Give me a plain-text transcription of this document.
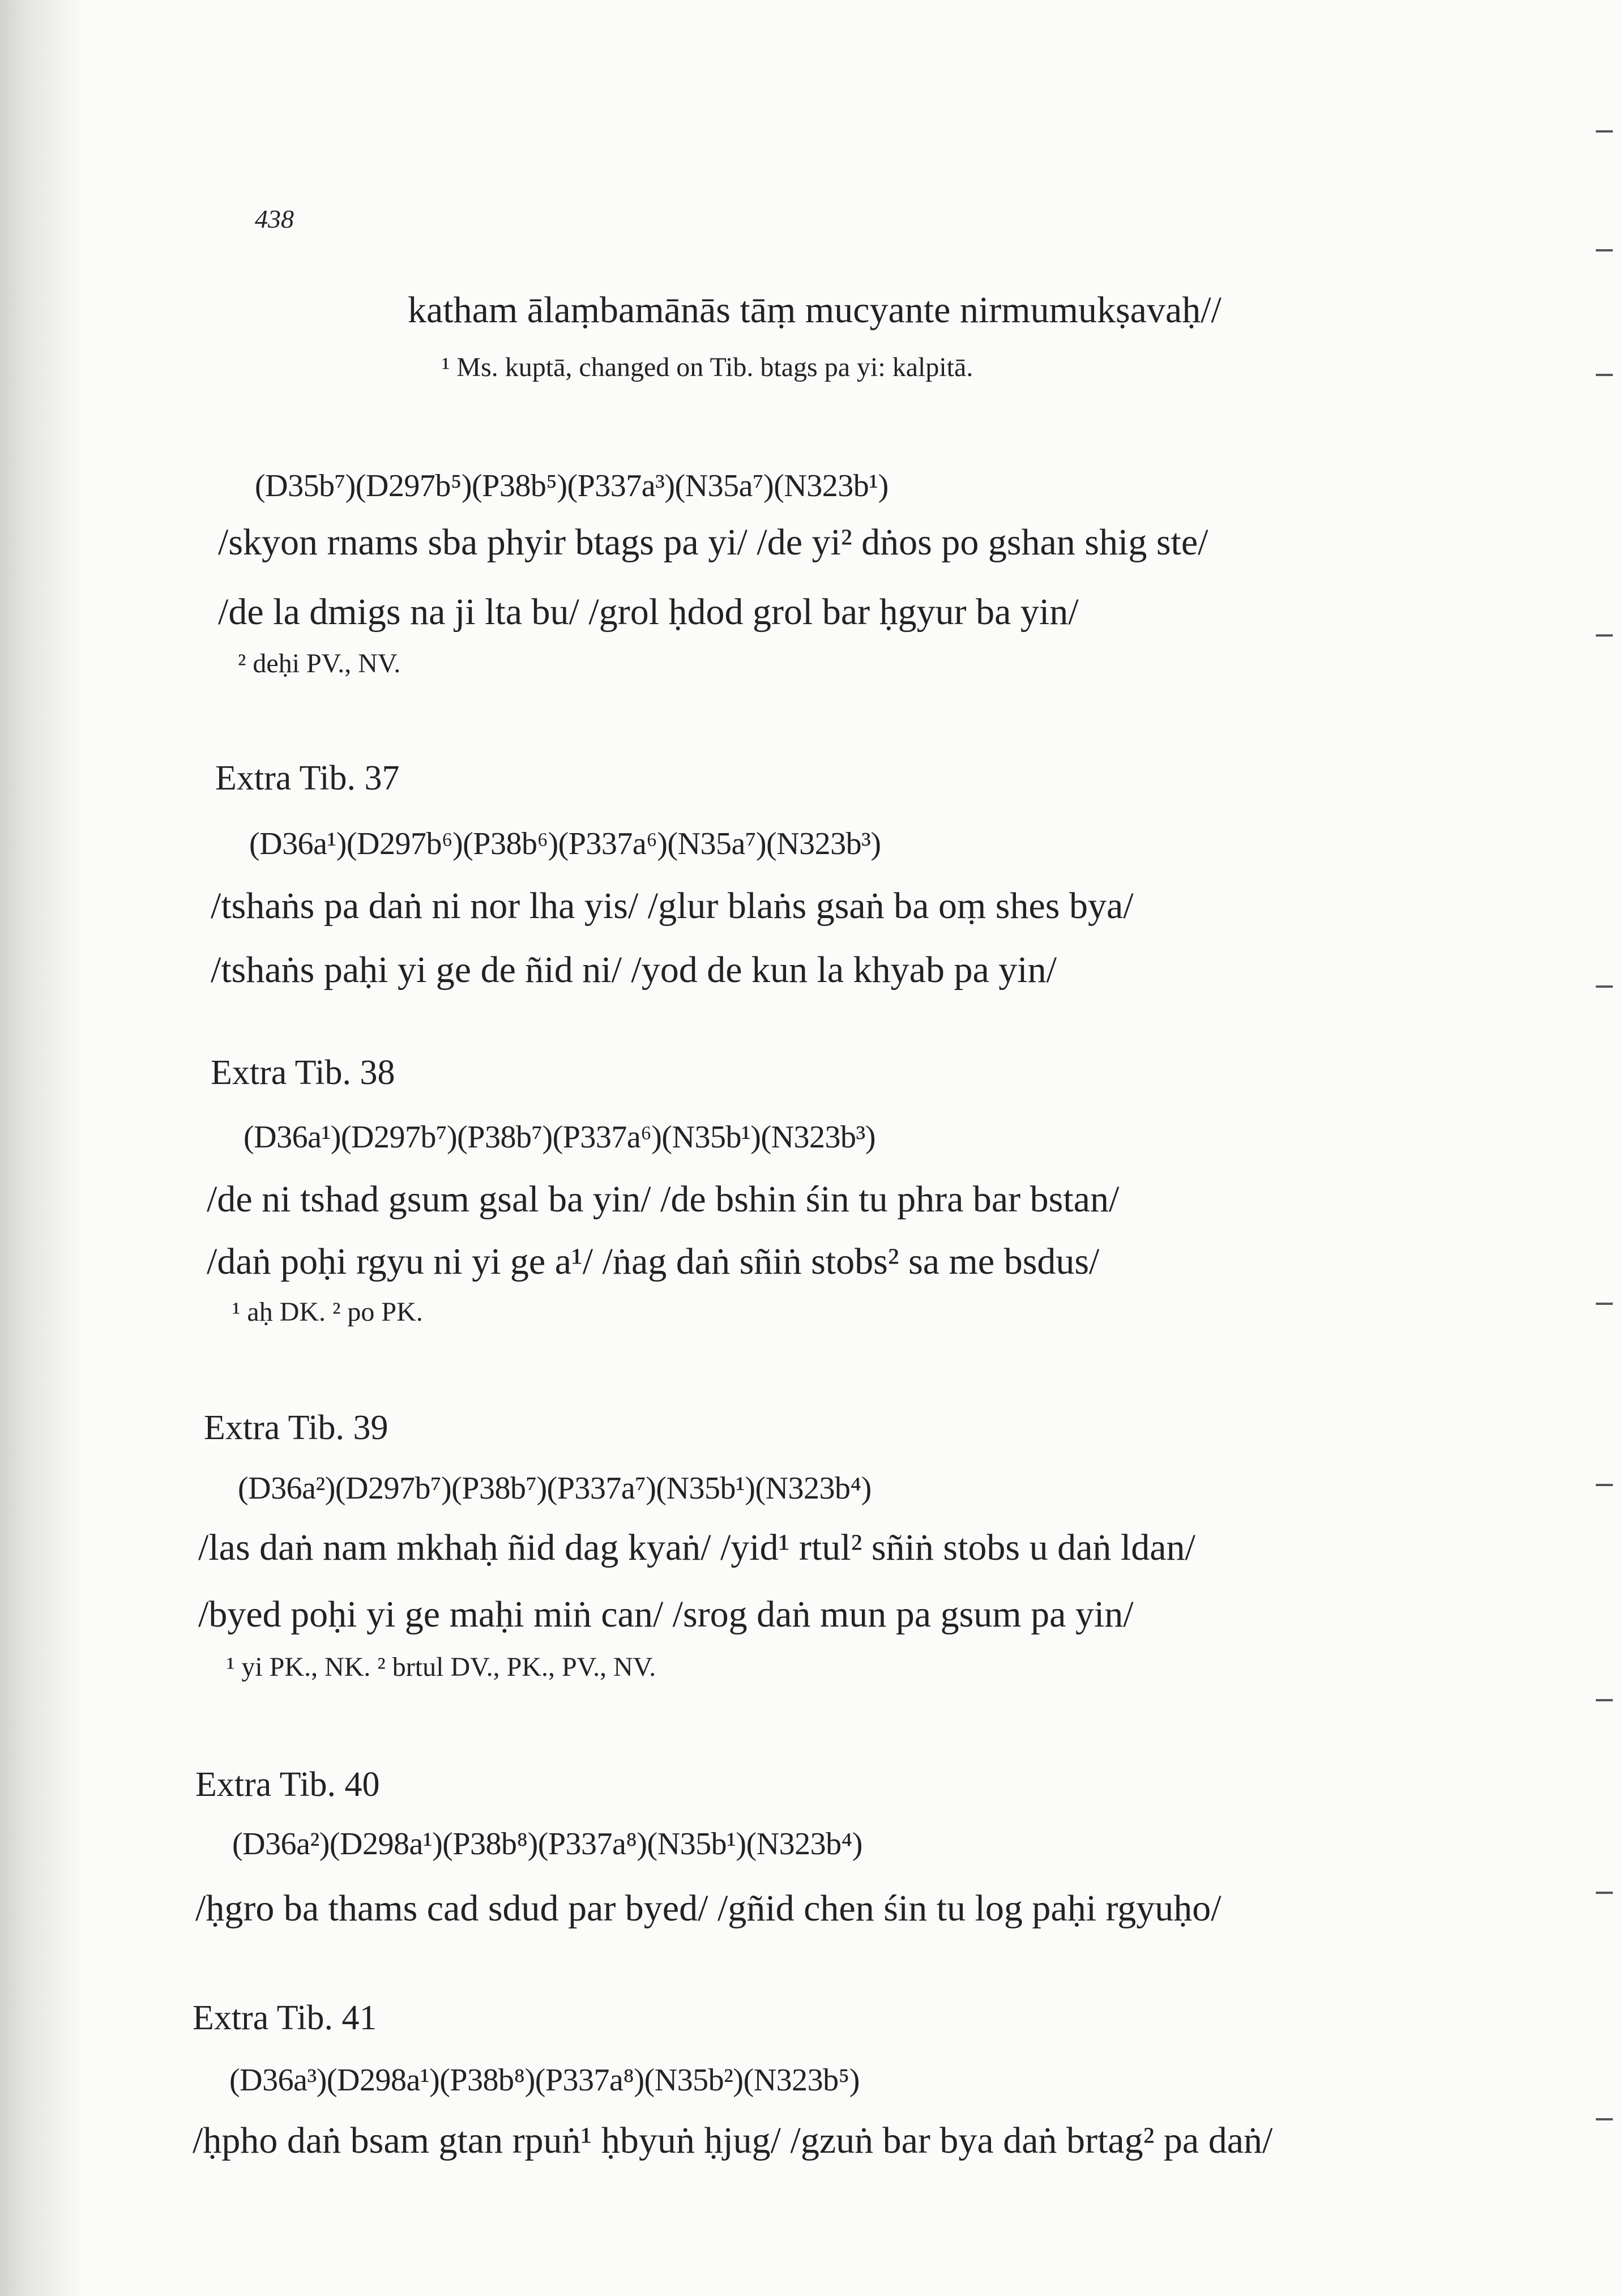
438

katham ālaṃbamānās tāṃ mucyante nirmumukṣavaḥ//

¹ Ms. kuptā, changed on Tib. btags pa yi: kalpitā.

(D35b⁷)(D297b⁵)(P38b⁵)(P337a³)(N35a⁷)(N323b¹)

/skyon rnams sba phyir btags pa yi/ /de yi² dṅos po gshan shig ste/

/de la dmigs na ji lta bu/ /grol ḥdod grol bar ḥgyur ba yin/

² deḥi PV., NV.

Extra Tib. 37

(D36a¹)(D297b⁶)(P38b⁶)(P337a⁶)(N35a⁷)(N323b³)

/tshaṅs pa daṅ ni nor lha yis/ /glur blaṅs gsaṅ ba oṃ shes bya/

/tshaṅs paḥi yi ge de ñid ni/ /yod de kun la khyab pa yin/

Extra Tib. 38

(D36a¹)(D297b⁷)(P38b⁷)(P337a⁶)(N35b¹)(N323b³)

/de ni tshad gsum gsal ba yin/ /de bshin śin tu phra bar bstan/

/daṅ poḥi rgyu ni yi ge a¹/ /ṅag daṅ sñiṅ stobs² sa me bsdus/

¹ aḥ DK. ² po PK.

Extra Tib. 39

(D36a²)(D297b⁷)(P38b⁷)(P337a⁷)(N35b¹)(N323b⁴)

/las daṅ nam mkhaḥ ñid dag kyaṅ/ /yid¹ rtul² sñiṅ stobs u daṅ ldan/

/byed poḥi yi ge maḥi miṅ can/ /srog daṅ mun pa gsum pa yin/

¹ yi PK., NK. ² brtul DV., PK., PV., NV.

Extra Tib. 40

(D36a²)(D298a¹)(P38b⁸)(P337a⁸)(N35b¹)(N323b⁴)

/ḥgro ba thams cad sdud par byed/ /gñid chen śin tu log paḥi rgyuḥo/

Extra Tib. 41

(D36a³)(D298a¹)(P38b⁸)(P337a⁸)(N35b²)(N323b⁵)

/ḥpho daṅ bsam gtan rpuṅ¹ ḥbyuṅ ḥjug/ /gzuṅ bar bya daṅ brtag² pa daṅ/
